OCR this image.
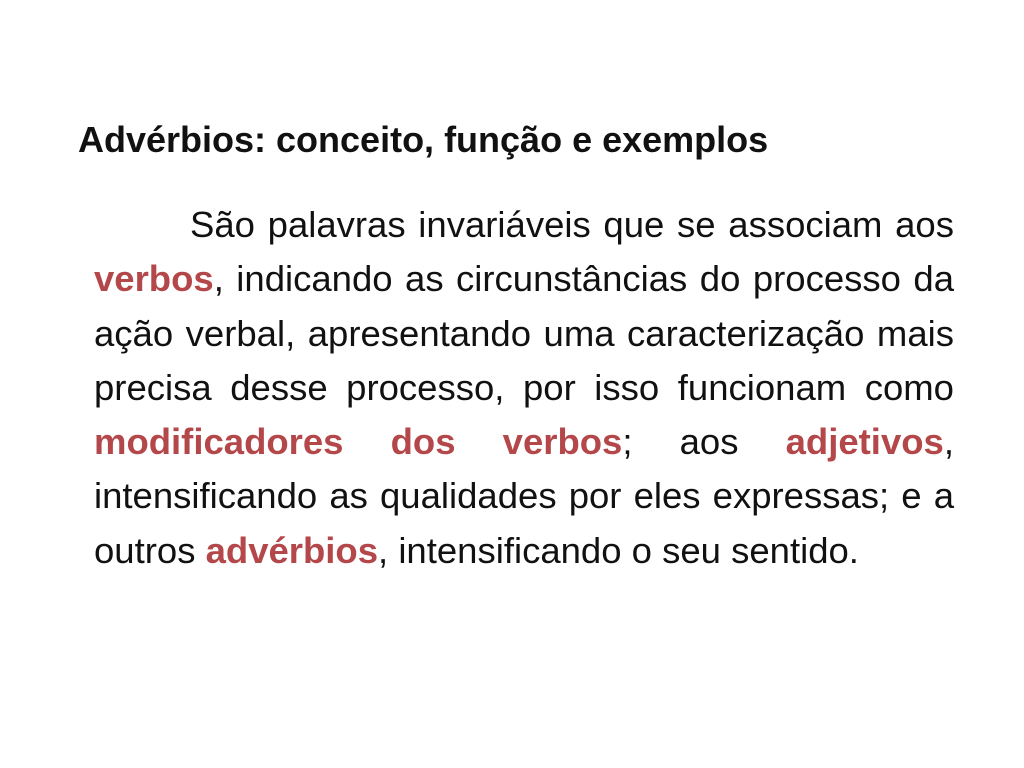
Advérbios: conceito, função e exemplos

São palavras invariáveis que se associam aos verbos, indicando as circunstâncias do processo da ação verbal, apresentando uma caracterização mais precisa desse processo, por isso funcionam como modificadores dos verbos; aos adjetivos, intensificando as qualidades por eles expressas; e a outros advérbios, intensificando o seu sentido.
